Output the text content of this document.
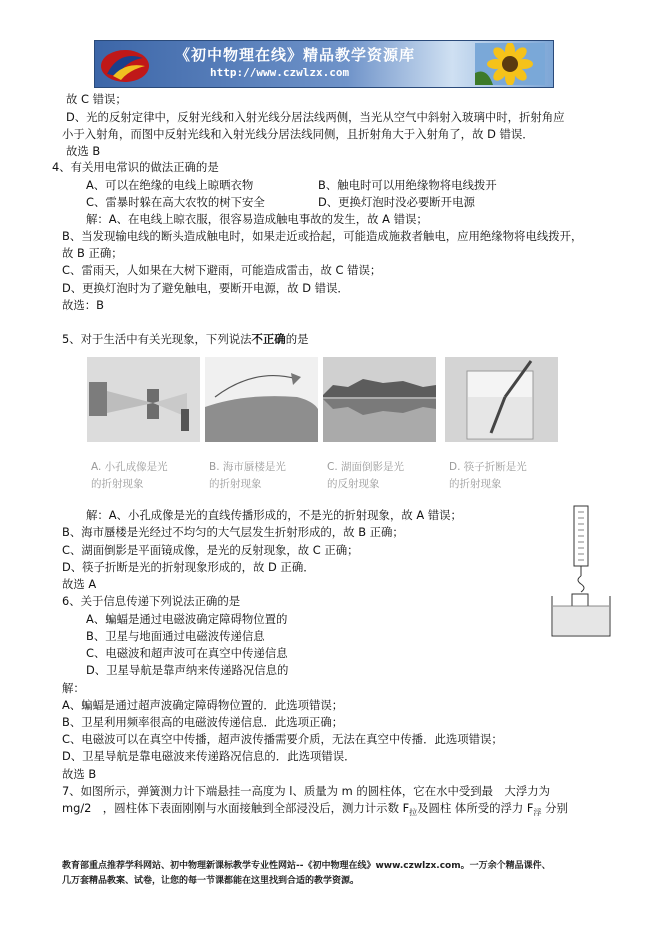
《初中物理在线》精品教学资源库
http://www.czwlzx.com
故 C 错误；
D、光的反射定律中，反射光线和入射光线分居法线两侧，当光从空气中斜射入玻璃中时，折射角应
小于入射角，而图中反射光线和入射光线分居法线同侧，且折射角大于入射角了，故 D 错误．
故选 B
4、有关用电常识的做法正确的是
A、可以在绝缘的电线上晾晒衣物	B、触电时可以用绝缘物将电线拨开
C、雷暴时躲在高大农牧的树下安全	D、更换灯泡时没必要断开电源
解：A、在电线上晾衣服，很容易造成触电事故的发生，故 A 错误；
B、当发现输电线的断头造成触电时，如果走近或拾起，可能造成施救者触电，应用绝缘物将电线拨开，
故 B 正确；
C、雷雨天，人如果在大树下避雨，可能造成雷击，故 C 错误；
D、更换灯泡时为了避免触电，要断开电源，故 D 错误．
故选：B
5、对于生活中有关光现象，下列说法不正确的是
A. 小孔成像是光
的折射现象
B. 海市蜃楼是光
的折射现象
C. 湖面倒影是光
的反射现象
D. 筷子折断是光
的折射现象
解：A、小孔成像是光的直线传播形成的，不是光的折射现象，故 A 错误；
B、海市蜃楼是光经过不均匀的大气层发生折射形成的，故 B 正确；
C、湖面倒影是平面镜成像，是光的反射现象，故 C 正确；
D、筷子折断是光的折射现象形成的，故 D 正确．
故选 A
6、关于信息传递下列说法正确的是
A、蝙蝠是通过电磁波确定障碍物位置的
B、卫星与地面通过电磁波传递信息
C、电磁波和超声波可在真空中传递信息
D、卫星导航是靠声纳来传递路况信息的
解：
A、蝙蝠是通过超声波确定障碍物位置的．此选项错误；
B、卫星利用频率很高的电磁波传递信息．此选项正确；
C、电磁波可以在真空中传播，超声波传播需要介质，无法在真空中传播．此选项错误；
D、卫星导航是靠电磁波来传递路况信息的．此选项错误．
故选 B
7、如图所示，弹簧测力计下端悬挂一高度为 l、质量为 m 的圆柱体，它在水中受到最　大浮力为
mg/2　，圆柱体下表面刚刚与水面接触到全部浸没后，测力计示数 $F_拉$及圆柱 体所受的浮力 $F_浮$ 分别
教育部重点推荐学科网站、初中物理新课标教学专业性网站--《初中物理在线》www.czwlzx.com。一万余个精品课件、
几万套精品教案、试卷，让您的每一节课都能在这里找到合适的教学资源。
